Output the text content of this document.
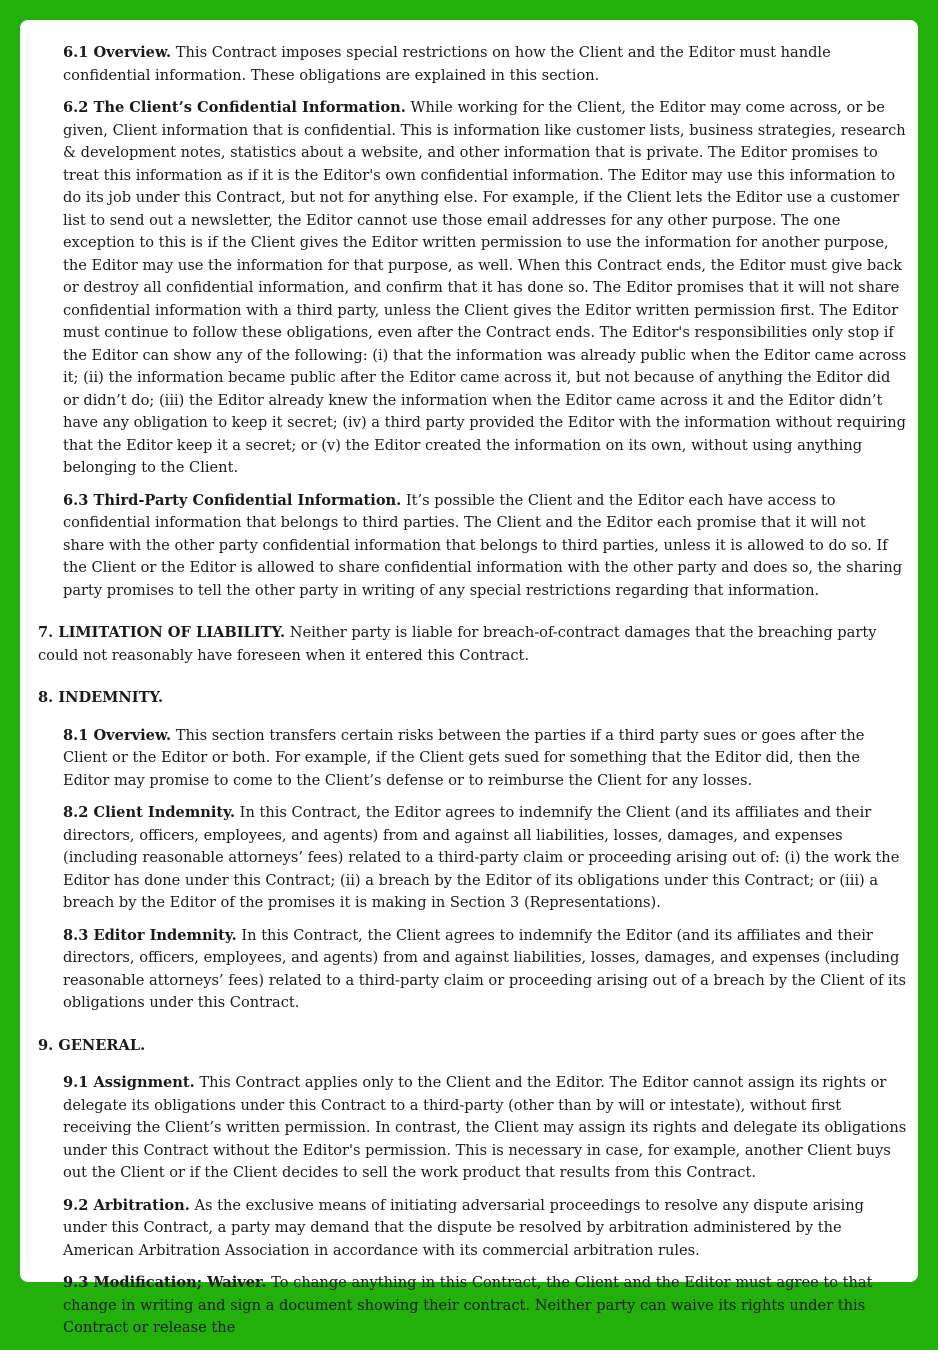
6.1 Overview. This Contract imposes special restrictions on how the Client and the Editor must handle confidential information. These obligations are explained in this section.

6.2 The Client’s Confidential Information. While working for the Client, the Editor may come across, or be given, Client information that is confidential. This is information like customer lists, business strategies, research & development notes, statistics about a website, and other information that is private. The Editor promises to treat this information as if it is the Editor's own confidential information. The Editor may use this information to do its job under this Contract, but not for anything else. For example, if the Client lets the Editor use a customer list to send out a newsletter, the Editor cannot use those email addresses for any other purpose. The one exception to this is if the Client gives the Editor written permission to use the information for another purpose, the Editor may use the information for that purpose, as well. When this Contract ends, the Editor must give back or destroy all confidential information, and confirm that it has done so. The Editor promises that it will not share confidential information with a third party, unless the Client gives the Editor written permission first. The Editor must continue to follow these obligations, even after the Contract ends. The Editor's responsibilities only stop if the Editor can show any of the following: (i) that the information was already public when the Editor came across it; (ii) the information became public after the Editor came across it, but not because of anything the Editor did or didn’t do; (iii) the Editor already knew the information when the Editor came across it and the Editor didn’t have any obligation to keep it secret; (iv) a third party provided the Editor with the information without requiring that the Editor keep it a secret; or (v) the Editor created the information on its own, without using anything belonging to the Client.

6.3 Third-Party Confidential Information. It’s possible the Client and the Editor each have access to confidential information that belongs to third parties. The Client and the Editor each promise that it will not share with the other party confidential information that belongs to third parties, unless it is allowed to do so. If the Client or the Editor is allowed to share confidential information with the other party and does so, the sharing party promises to tell the other party in writing of any special restrictions regarding that information.

7. LIMITATION OF LIABILITY. Neither party is liable for breach-of-contract damages that the breaching party could not reasonably have foreseen when it entered this Contract.

8. INDEMNITY.

8.1 Overview. This section transfers certain risks between the parties if a third party sues or goes after the Client or the Editor or both. For example, if the Client gets sued for something that the Editor did, then the Editor may promise to come to the Client’s defense or to reimburse the Client for any losses.

8.2 Client Indemnity. In this Contract, the Editor agrees to indemnify the Client (and its affiliates and their directors, officers, employees, and agents) from and against all liabilities, losses, damages, and expenses (including reasonable attorneys’ fees) related to a third-party claim or proceeding arising out of: (i) the work the Editor has done under this Contract; (ii) a breach by the Editor of its obligations under this Contract; or (iii) a breach by the Editor of the promises it is making in Section 3 (Representations).

8.3 Editor Indemnity. In this Contract, the Client agrees to indemnify the Editor (and its affiliates and their directors, officers, employees, and agents) from and against liabilities, losses, damages, and expenses (including reasonable attorneys’ fees) related to a third-party claim or proceeding arising out of a breach by the Client of its obligations under this Contract.

9. GENERAL.

9.1 Assignment. This Contract applies only to the Client and the Editor. The Editor cannot assign its rights or delegate its obligations under this Contract to a third-party (other than by will or intestate), without first receiving the Client’s written permission. In contrast, the Client may assign its rights and delegate its obligations under this Contract without the Editor's permission. This is necessary in case, for example, another Client buys out the Client or if the Client decides to sell the work product that results from this Contract.

9.2 Arbitration. As the exclusive means of initiating adversarial proceedings to resolve any dispute arising under this Contract, a party may demand that the dispute be resolved by arbitration administered by the American Arbitration Association in accordance with its commercial arbitration rules.

9.3 Modification; Waiver. To change anything in this Contract, the Client and the Editor must agree to that change in writing and sign a document showing their contract. Neither party can waive its rights under this Contract or release the
